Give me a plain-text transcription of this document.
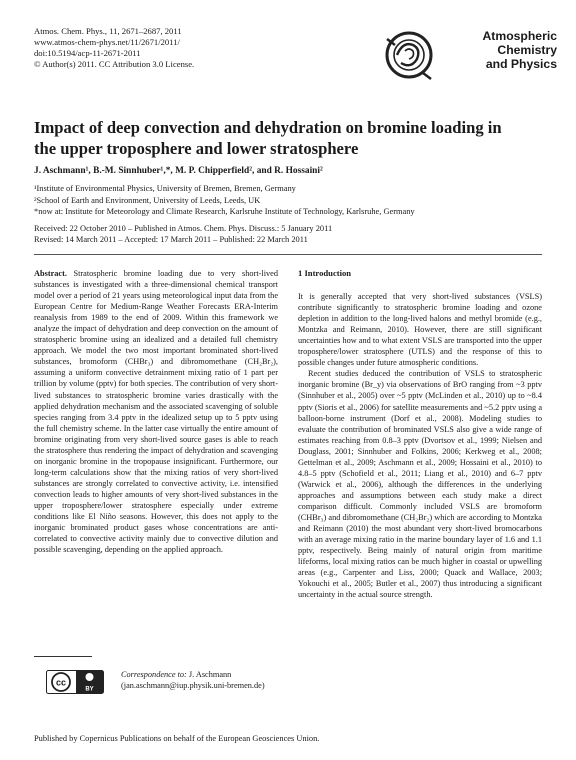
Atmos. Chem. Phys., 11, 2671–2687, 2011
www.atmos-chem-phys.net/11/2671/2011/
doi:10.5194/acp-11-2671-2011
© Author(s) 2011. CC Attribution 3.0 License.
Atmospheric
Chemistry
and Physics
Impact of deep convection and dehydration on bromine loading in
the upper troposphere and lower stratosphere
J. Aschmann¹, B.-M. Sinnhuber¹,*, M. P. Chipperfield², and R. Hossaini²
¹Institute of Environmental Physics, University of Bremen, Bremen, Germany
²School of Earth and Environment, University of Leeds, Leeds, UK
*now at: Institute for Meteorology and Climate Research, Karlsruhe Institute of Technology, Karlsruhe, Germany
Received: 22 October 2010 – Published in Atmos. Chem. Phys. Discuss.: 5 January 2011
Revised: 14 March 2011 – Accepted: 17 March 2011 – Published: 22 March 2011

Abstract. Stratospheric bromine loading due to very short-lived substances is investigated with a three-dimensional chemical transport model over a period of 21 years using meteorological input data from the European Centre for Medium-Range Weather Forecasts ERA-Interim reanalysis from 1989 to the end of 2009. Within this framework we analyze the impact of dehydration and deep convection on the amount of stratospheric bromine using an idealized and a detailed full chemistry approach. We model the two most important brominated short-lived substances, bromoform (CHBr₃) and dibromomethane (CH₂Br₂), assuming a uniform convective detrainment mixing ratio of 1 part per trillion by volume (pptv) for both species. The contribution of very short-lived substances to stratospheric bromine varies drastically with the applied dehydration mechanism and the associated scavenging of soluble species ranging from 3.4 pptv in the idealized setup up to 5 pptv using the full chemistry scheme. In the latter case virtually the entire amount of bromine originating from very short-lived source gases is able to reach the stratosphere thus rendering the impact of dehydration and scavenging on inorganic bromine in the tropopause insignificant. Furthermore, our long-term calculations show that the mixing ratios of very short-lived substances are strongly correlated to convective activity, i.e. intensified convection leads to higher amounts of very short-lived substances in the upper troposphere/lower stratosphere especially under extreme conditions like El Niño seasons. However, this does not apply to the inorganic brominated product gases whose concentrations are anti-correlated to convective activity mainly due to convective dilution and possible scavenging, depending on the applied approach.

1 Introduction

It is generally accepted that very short-lived substances (VSLS) contribute significantly to stratospheric bromine loading and ozone depletion in addition to the long-lived halons and methyl bromide (e.g., Montzka and Reimann, 2010). However, there are still significant uncertainties how and to what extent VSLS are transported into the upper troposphere/lower stratosphere (UTLS) and the response of this to possible changes under future atmospheric conditions.

Recent studies deduced the contribution of VSLS to stratospheric inorganic bromine (Br_y) via observations of BrO ranging from ~3 pptv (Sinnhuber et al., 2005) over ~5 pptv (McLinden et al., 2010) up to ~8.4 pptv (Sioris et al., 2006) for satellite measurements and ~5.2 pptv using a balloon-borne instrument (Dorf et al., 2008). Modeling studies to evaluate the contribution of brominated VSLS also give a wide range of estimates reaching from 0.8–3 pptv (Dvortsov et al., 1999; Nielsen and Douglass, 2001; Sinnhuber and Folkins, 2006; Kerkweg et al., 2008; Gettelman et al., 2009; Aschmann et al., 2009; Hossaini et al., 2010) to 4.8–5 pptv (Schofield et al., 2011; Liang et al., 2010) and 6–7 pptv (Warwick et al., 2006), although the differences in the underlying approaches and assumptions between each study make a direct comparison difficult. Commonly included VSLS are bromoform (CHBr₃) and dibromomethane (CH₂Br₂) which are according to Montzka and Reimann (2010) the most abundant very short-lived bromocarbons with an average mixing ratio in the marine boundary layer of 1.6 and 1.1 pptv, respectively. Being mainly of natural origin from maritime lifeforms, local mixing ratios can be much higher in coastal or upwelling areas (e.g., Carpenter and Liss, 2000; Quack and Wallace, 2003; Yokouchi et al., 2005; Butler et al., 2007) thus introducing a significant uncertainty in the actual source strength.

cc
BY
Correspondence to: J. Aschmann
(jan.aschmann@iup.physik.uni-bremen.de)
Published by Copernicus Publications on behalf of the European Geosciences Union.
